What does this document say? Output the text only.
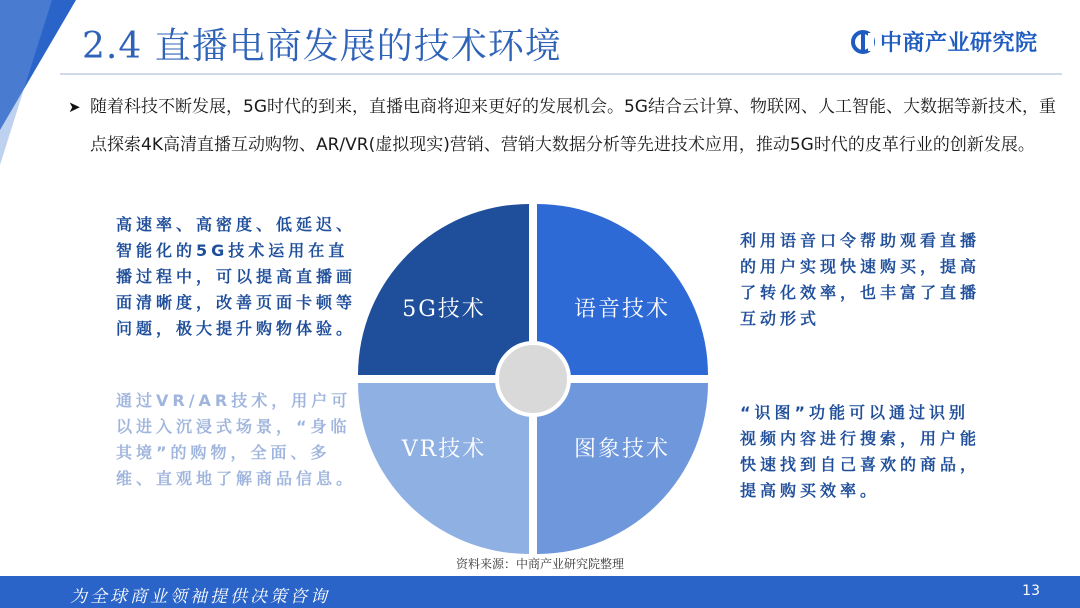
2.4 直播电商发展的技术环境	中商产业研究院
➤ 随着科技不断发展，5G时代的到来，直播电商将迎来更好的发展机会。5G结合云计算、物联网、人工智能、大数据等新技术，重点探索4K高清直播互动购物、AR/VR(虚拟现实)营销、营销大数据分析等先进技术应用，推动5G时代的皮革行业的创新发展。

高速率、高密度、低延迟、智能化的5G技术运用在直播过程中，可以提高直播画面清晰度，改善页面卡顿等问题，极大提升购物体验。
通过VR/AR技术，用户可以进入沉浸式场景，“身临其境”的购物，全面、多维、直观地了解商品信息。
利用语音口令帮助观看直播的用户实现快速购买，提高了转化效率，也丰富了直播互动形式
“识图”功能可以通过识别视频内容进行搜索，用户能快速找到自己喜欢的商品，提高购买效率。
5G技术	语音技术
VR技术	图象技术
资料来源：中商产业研究院整理
为全球商业领袖提供决策咨询	13
